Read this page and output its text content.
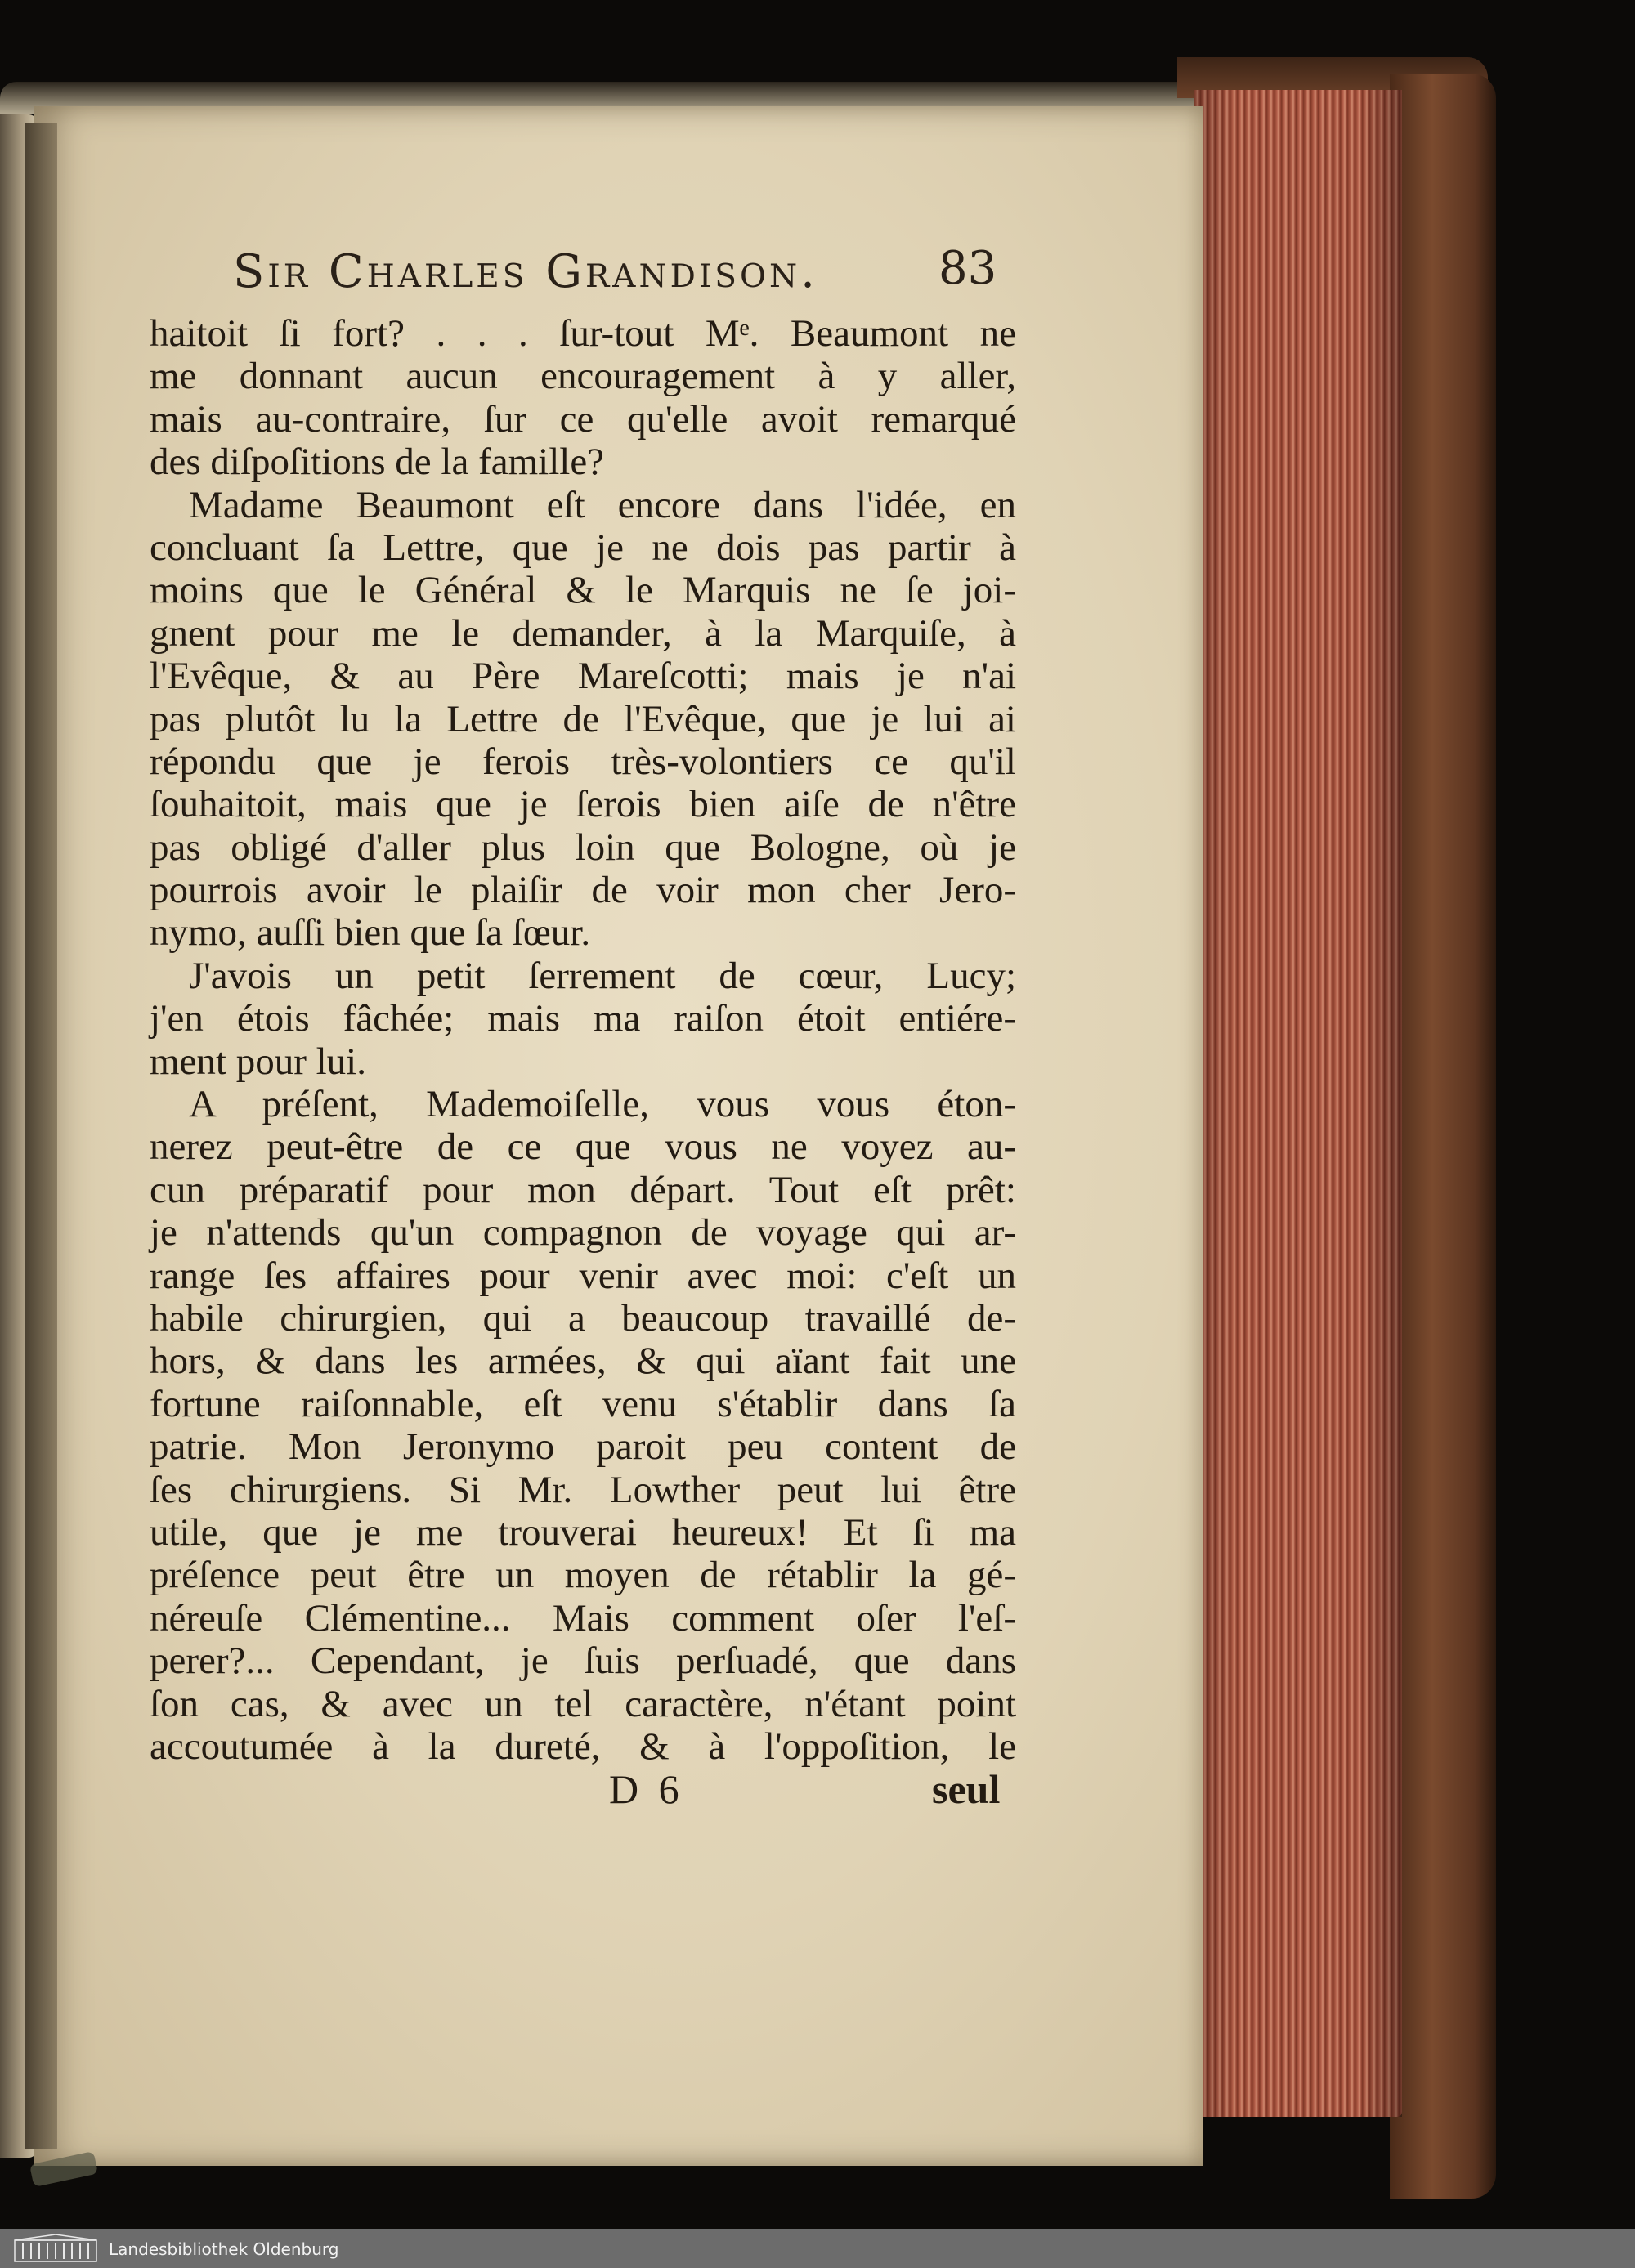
Sir Charles Grandison.	83
haitoit ſi fort? . . . ſur-tout Mᵉ. Beaumont ne
me donnant aucun encouragement à y aller,
mais au-contraire, ſur ce qu'elle avoit remarqué
des diſpoſitions de la famille?
Madame Beaumont eſt encore dans l'idée, en
concluant ſa Lettre, que je ne dois pas partir à
moins que le Général & le Marquis ne ſe joi-
gnent pour me le demander, à la Marquiſe, à
l'Evêque, & au Père Mareſcotti; mais je n'ai
pas plutôt lu la Lettre de l'Evêque, que je lui ai
répondu que je ferois très-volontiers ce qu'il
ſouhaitoit, mais que je ſerois bien aiſe de n'être
pas obligé d'aller plus loin que Bologne, où je
pourrois avoir le plaiſir de voir mon cher Jero-
nymo, auſſi bien que ſa ſœur.
J'avois un petit ſerrement de cœur, Lucy;
j'en étois fâchée; mais ma raiſon étoit entiére-
ment pour lui.
A préſent, Mademoiſelle, vous vous éton-
nerez peut-être de ce que vous ne voyez au-
cun préparatif pour mon départ. Tout eſt prêt:
je n'attends qu'un compagnon de voyage qui ar-
range ſes affaires pour venir avec moi: c'eſt un
habile chirurgien, qui a beaucoup travaillé de-
hors, & dans les armées, & qui aïant fait une
fortune raiſonnable, eſt venu s'établir dans ſa
patrie. Mon Jeronymo paroit peu content de
ſes chirurgiens. Si Mr. Lowther peut lui être
utile, que je me trouverai heureux! Et ſi ma
préſence peut être un moyen de rétablir la gé-
néreuſe Clémentine... Mais comment oſer l'eſ-
perer?... Cependant, je ſuis perſuadé, que dans
ſon cas, & avec un tel caractère, n'étant point
accoutumée à la dureté, & à l'oppoſition, le
D 6	seul
Landesbibliothek Oldenburg
